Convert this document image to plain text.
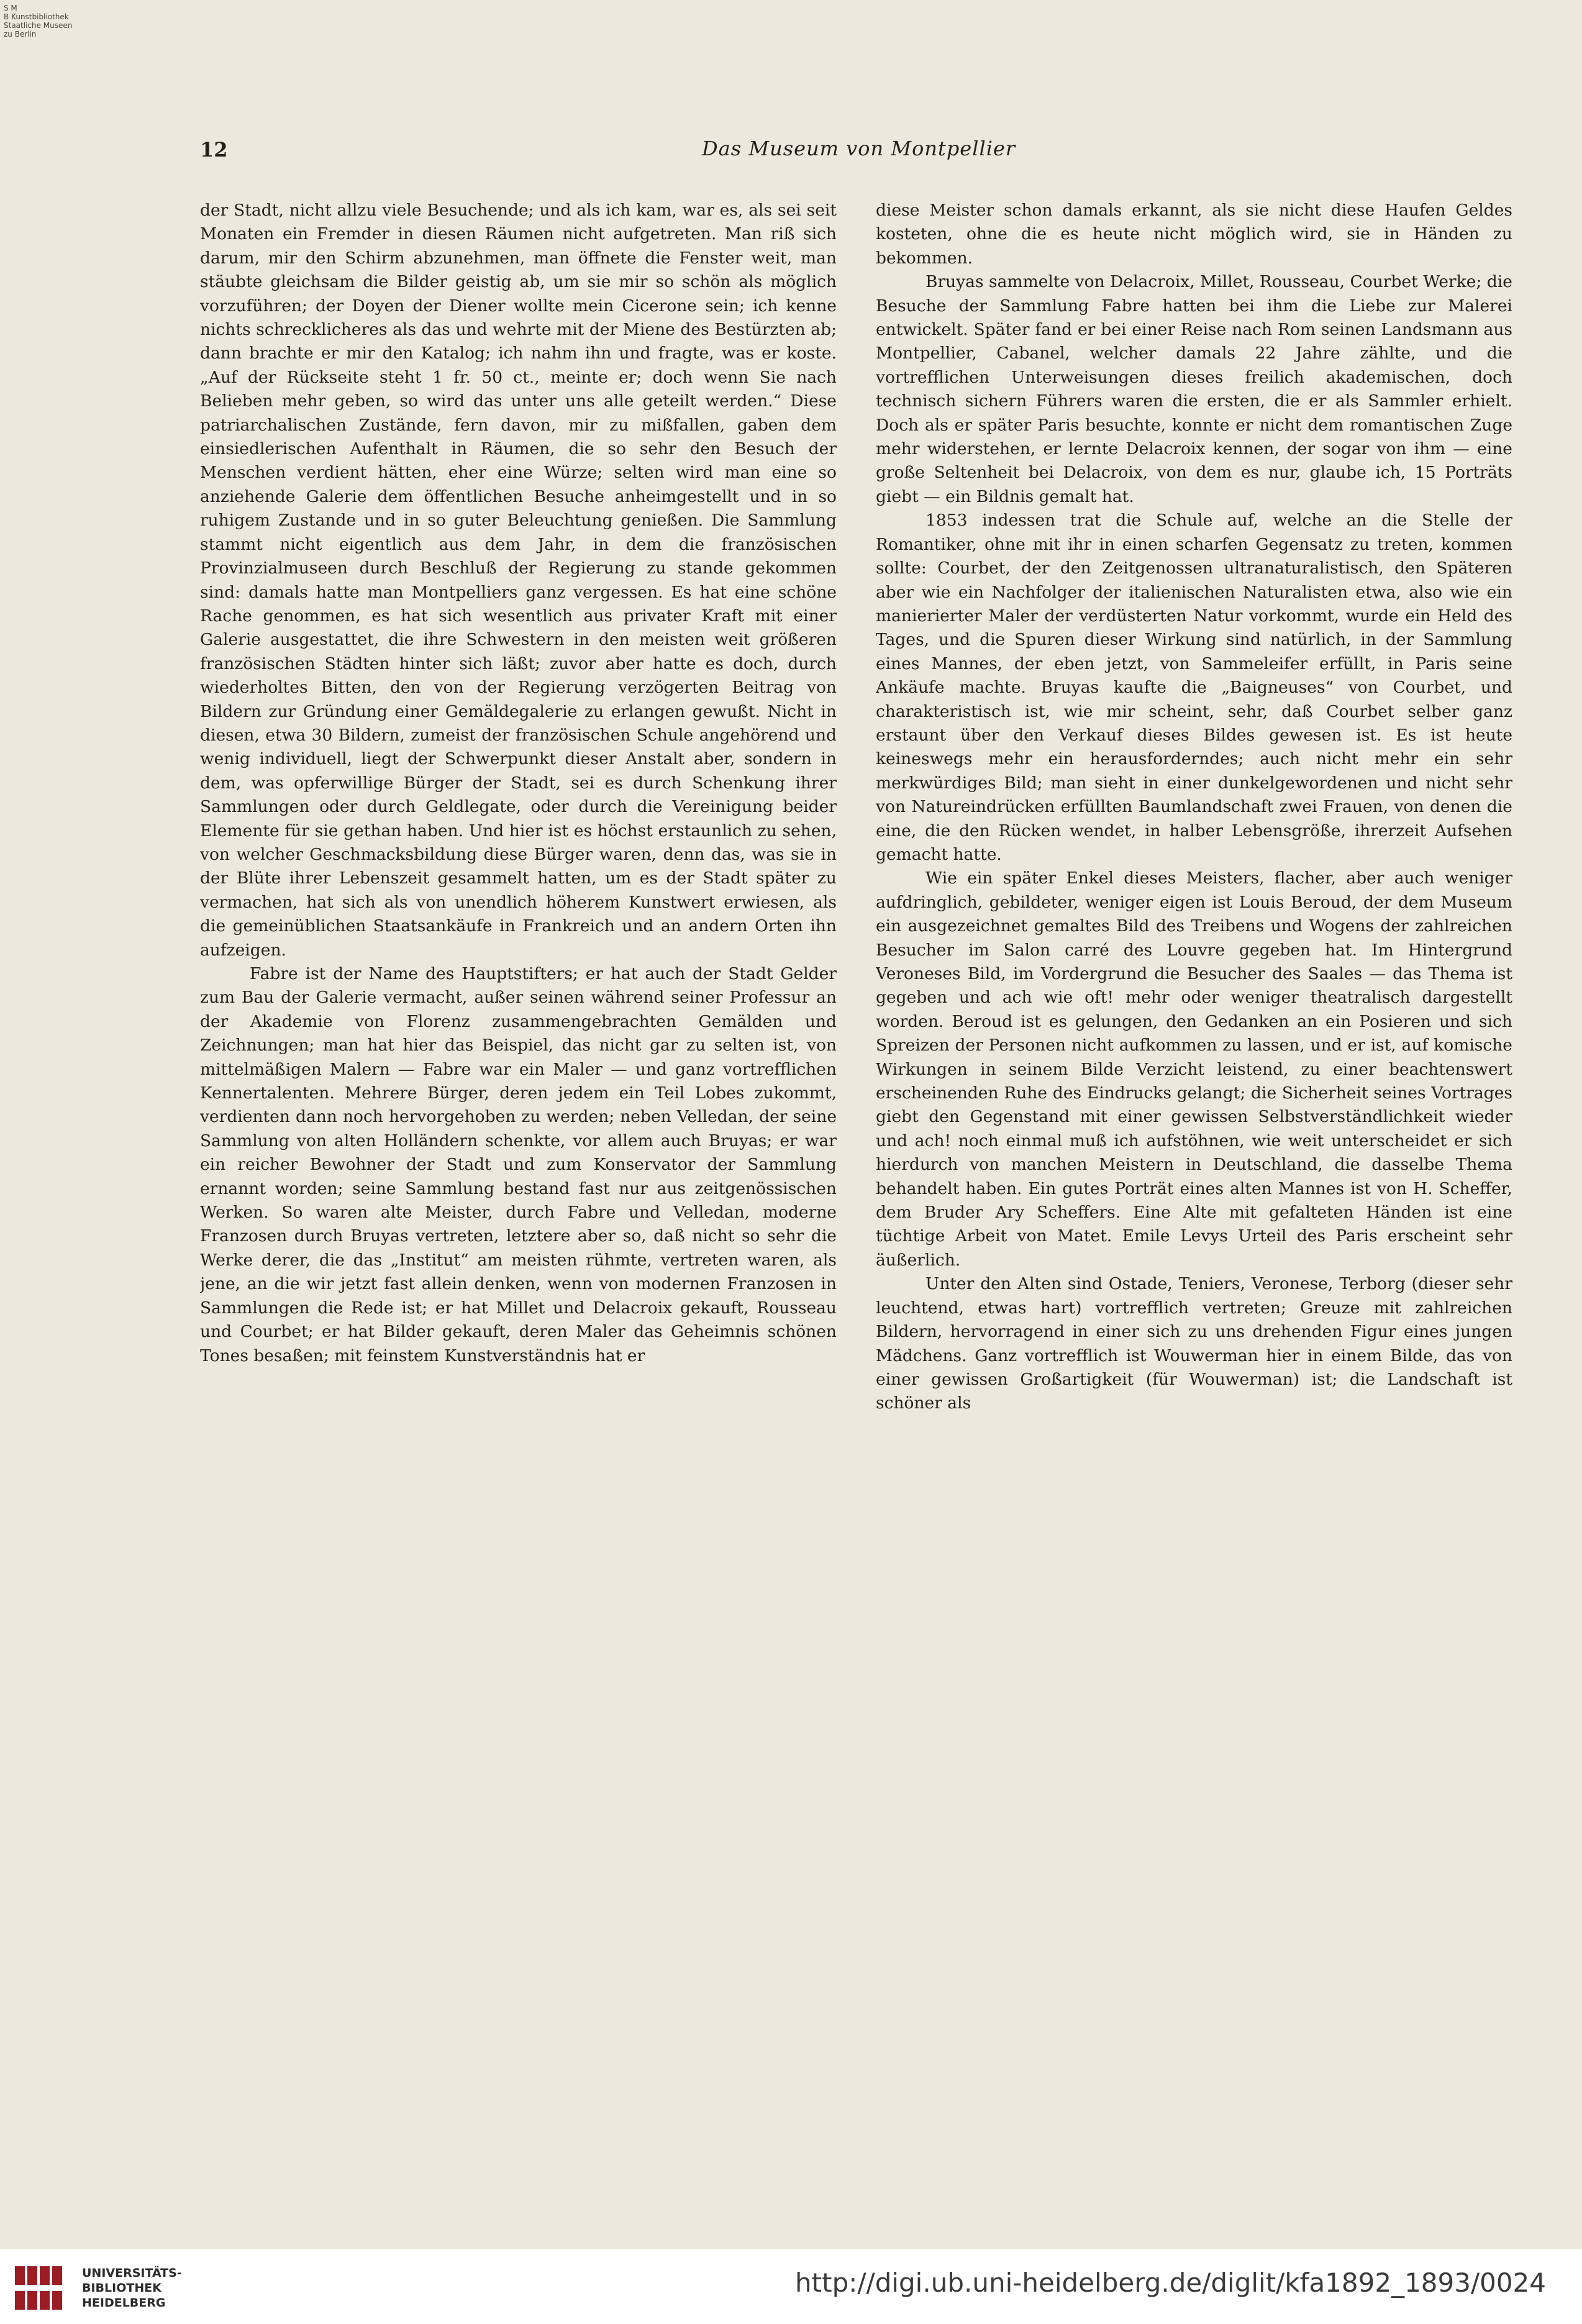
S M
B Kunstbibliothek
Staatliche Museen
zu Berlin
12	Das Museum von Montpellier

der Stadt, nicht allzu viele Besuchende; und als ich kam, war es, als sei seit Monaten ein Fremder in diesen Räumen nicht aufgetreten. Man riß sich darum, mir den Schirm abzunehmen, man öffnete die Fenster weit, man stäubte gleichsam die Bilder geistig ab, um sie mir so schön als möglich vorzuführen; der Doyen der Diener wollte mein Cicerone sein; ich kenne nichts schrecklicheres als das und wehrte mit der Miene des Bestürzten ab; dann brachte er mir den Katalog; ich nahm ihn und fragte, was er koste. „Auf der Rückseite steht 1 fr. 50 ct., meinte er; doch wenn Sie nach Belieben mehr geben, so wird das unter uns alle geteilt werden.“ Diese patriarchalischen Zustände, fern davon, mir zu mißfallen, gaben dem einsiedlerischen Aufenthalt in Räumen, die so sehr den Besuch der Menschen verdient hätten, eher eine Würze; selten wird man eine so anziehende Galerie dem öffentlichen Besuche anheimgestellt und in so ruhigem Zustande und in so guter Beleuchtung genießen. Die Sammlung stammt nicht eigentlich aus dem Jahr, in dem die französischen Provinzialmuseen durch Beschluß der Regierung zu stande gekommen sind: damals hatte man Montpelliers ganz vergessen. Es hat eine schöne Rache genommen, es hat sich wesentlich aus privater Kraft mit einer Galerie ausgestattet, die ihre Schwestern in den meisten weit größeren französischen Städten hinter sich läßt; zuvor aber hatte es doch, durch wiederholtes Bitten, den von der Regierung verzögerten Beitrag von Bildern zur Gründung einer Gemäldegalerie zu erlangen gewußt. Nicht in diesen, etwa 30 Bildern, zumeist der französischen Schule angehörend und wenig individuell, liegt der Schwerpunkt dieser Anstalt aber, sondern in dem, was opferwillige Bürger der Stadt, sei es durch Schenkung ihrer Sammlungen oder durch Geldlegate, oder durch die Vereinigung beider Elemente für sie gethan haben. Und hier ist es höchst erstaunlich zu sehen, von welcher Geschmacksbildung diese Bürger waren, denn das, was sie in der Blüte ihrer Lebenszeit gesammelt hatten, um es der Stadt später zu vermachen, hat sich als von unendlich höherem Kunstwert erwiesen, als die gemeinüblichen Staatsankäufe in Frankreich und an andern Orten ihn aufzeigen.

Fabre ist der Name des Hauptstifters; er hat auch der Stadt Gelder zum Bau der Galerie vermacht, außer seinen während seiner Professur an der Akademie von Florenz zusammengebrachten Gemälden und Zeichnungen; man hat hier das Beispiel, das nicht gar zu selten ist, von mittelmäßigen Malern — Fabre war ein Maler — und ganz vortrefflichen Kennertalenten. Mehrere Bürger, deren jedem ein Teil Lobes zukommt, verdienten dann noch hervorgehoben zu werden; neben Velledan, der seine Sammlung von alten Holländern schenkte, vor allem auch Bruyas; er war ein reicher Bewohner der Stadt und zum Konservator der Sammlung ernannt worden; seine Sammlung bestand fast nur aus zeitgenössischen Werken. So waren alte Meister, durch Fabre und Velledan, moderne Franzosen durch Bruyas vertreten, letztere aber so, daß nicht so sehr die Werke derer, die das „Institut“ am meisten rühmte, vertreten waren, als jene, an die wir jetzt fast allein denken, wenn von modernen Franzosen in Sammlungen die Rede ist; er hat Millet und Delacroix gekauft, Rousseau und Courbet; er hat Bilder gekauft, deren Maler das Geheimnis schönen Tones besaßen; mit feinstem Kunstverständnis hat er

diese Meister schon damals erkannt, als sie nicht diese Haufen Geldes kosteten, ohne die es heute nicht möglich wird, sie in Händen zu bekommen.

Bruyas sammelte von Delacroix, Millet, Rousseau, Courbet Werke; die Besuche der Sammlung Fabre hatten bei ihm die Liebe zur Malerei entwickelt. Später fand er bei einer Reise nach Rom seinen Landsmann aus Montpellier, Cabanel, welcher damals 22 Jahre zählte, und die vortrefflichen Unterweisungen dieses freilich akademischen, doch technisch sichern Führers waren die ersten, die er als Sammler erhielt. Doch als er später Paris besuchte, konnte er nicht dem romantischen Zuge mehr widerstehen, er lernte Delacroix kennen, der sogar von ihm — eine große Seltenheit bei Delacroix, von dem es nur, glaube ich, 15 Porträts giebt — ein Bildnis gemalt hat.

1853 indessen trat die Schule auf, welche an die Stelle der Romantiker, ohne mit ihr in einen scharfen Gegensatz zu treten, kommen sollte: Courbet, der den Zeitgenossen ultranaturalistisch, den Späteren aber wie ein Nachfolger der italienischen Naturalisten etwa, also wie ein manierierter Maler der verdüsterten Natur vorkommt, wurde ein Held des Tages, und die Spuren dieser Wirkung sind natürlich, in der Sammlung eines Mannes, der eben jetzt, von Sammeleifer erfüllt, in Paris seine Ankäufe machte. Bruyas kaufte die „Baigneuses“ von Courbet, und charakteristisch ist, wie mir scheint, sehr, daß Courbet selber ganz erstaunt über den Verkauf dieses Bildes gewesen ist. Es ist heute keineswegs mehr ein herausforderndes; auch nicht mehr ein sehr merkwürdiges Bild; man sieht in einer dunkelgewordenen und nicht sehr von Natureindrücken erfüllten Baumlandschaft zwei Frauen, von denen die eine, die den Rücken wendet, in halber Lebensgröße, ihrerzeit Aufsehen gemacht hatte.

Wie ein später Enkel dieses Meisters, flacher, aber auch weniger aufdringlich, gebildeter, weniger eigen ist Louis Beroud, der dem Museum ein ausgezeichnet gemaltes Bild des Treibens und Wogens der zahlreichen Besucher im Salon carré des Louvre gegeben hat. Im Hintergrund Veroneses Bild, im Vordergrund die Besucher des Saales — das Thema ist gegeben und ach wie oft! mehr oder weniger theatralisch dargestellt worden. Beroud ist es gelungen, den Gedanken an ein Posieren und sich Spreizen der Personen nicht aufkommen zu lassen, und er ist, auf komische Wirkungen in seinem Bilde Verzicht leistend, zu einer beachtenswert erscheinenden Ruhe des Eindrucks gelangt; die Sicherheit seines Vortrages giebt den Gegenstand mit einer gewissen Selbstverständlichkeit wieder und ach! noch einmal muß ich aufstöhnen, wie weit unterscheidet er sich hierdurch von manchen Meistern in Deutschland, die dasselbe Thema behandelt haben. Ein gutes Porträt eines alten Mannes ist von H. Scheffer, dem Bruder Ary Scheffers. Eine Alte mit gefalteten Händen ist eine tüchtige Arbeit von Matet. Emile Levys Urteil des Paris erscheint sehr äußerlich.

Unter den Alten sind Ostade, Teniers, Veronese, Terborg (dieser sehr leuchtend, etwas hart) vortrefflich vertreten; Greuze mit zahlreichen Bildern, hervorragend in einer sich zu uns drehenden Figur eines jungen Mädchens. Ganz vortrefflich ist Wouwerman hier in einem Bilde, das von einer gewissen Großartigkeit (für Wouwerman) ist; die Landschaft ist schöner als

UNIVERSITÄTS-
BIBLIOTHEK
HEIDELBERG
http://digi.ub.uni-heidelberg.de/diglit/kfa1892_1893/0024
